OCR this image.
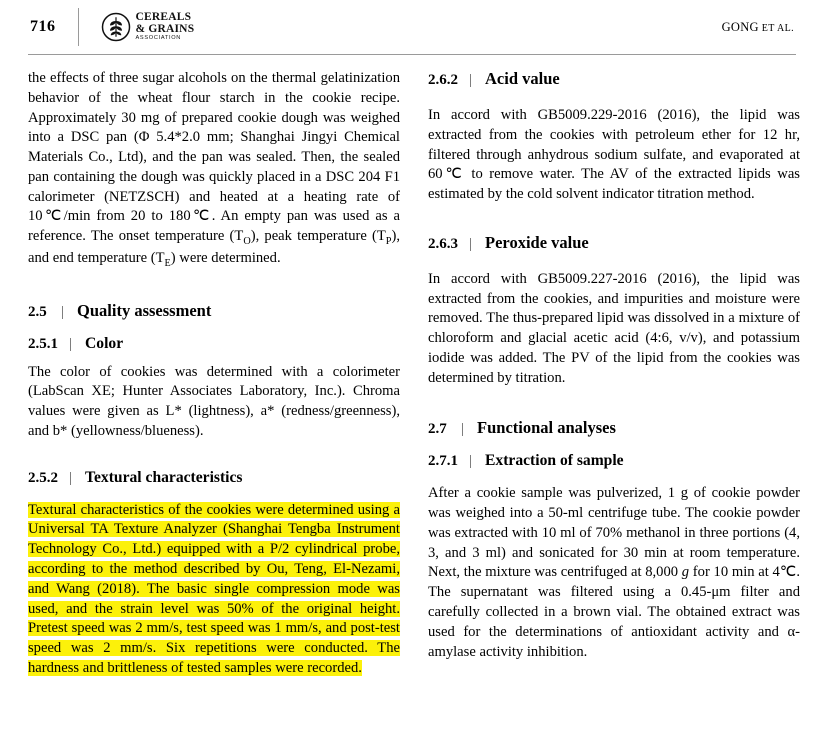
716
CEREALS
& GRAINS
ASSOCIATION
GONG ET AL.

the effects of three sugar alcohols on the thermal gelatinization behavior of the wheat flour starch in the cookie recipe. Approximately 30 mg of prepared cookie dough was weighed into a DSC pan (Φ 5.4*2.0 mm; Shanghai Jingyi Chemical Materials Co., Ltd), and the pan was sealed. Then, the sealed pan containing the dough was quickly placed in a DSC 204 F1 calorimeter (NETZSCH) and heated at a heating rate of 10℃/min from 20 to 180℃. An empty pan was used as a reference. The onset temperature $(T_O)$, peak temperature $(T_P)$, and end temperature $(T_E)$ were determined.

2.5 | Quality assessment
2.5.1 | Color

The color of cookies was determined with a colorimeter (LabScan XE; Hunter Associates Laboratory, Inc.). Chroma values were given as L* (lightness), a* (redness/greenness), and b* (yellowness/blueness).

2.5.2 | Textural characteristics

Textural characteristics of the cookies were determined using a Universal TA Texture Analyzer (Shanghai Tengba Instrument Technology Co., Ltd.) equipped with a P/2 cylindrical probe, according to the method described by Ou, Teng, El-Nezami, and Wang (2018). The basic single compression mode was used, and the strain level was 50% of the original height. Pretest speed was 2 mm/s, test speed was 1 mm/s, and post-test speed was 2 mm/s. Six repetitions were conducted. The hardness and brittleness of tested samples were recorded.

2.6.2 | Acid value

In accord with GB5009.229-2016 (2016), the lipid was extracted from the cookies with petroleum ether for 12 hr, filtered through anhydrous sodium sulfate, and evaporated at 60℃ to remove water. The AV of the extracted lipids was estimated by the cold solvent indicator titration method.

2.6.3 | Peroxide value

In accord with GB5009.227-2016 (2016), the lipid was extracted from the cookies, and impurities and moisture were removed. The thus-prepared lipid was dissolved in a mixture of chloroform and glacial acetic acid (4:6, v/v), and potassium iodide was added. The PV of the lipid from the cookies was determined by titration.

2.7 | Functional analyses
2.7.1 | Extraction of sample

After a cookie sample was pulverized, 1 g of cookie powder was weighed into a 50-ml centrifuge tube. The cookie powder was extracted with 10 ml of 70% methanol in three portions (4, 3, and 3 ml) and sonicated for 30 min at room temperature. Next, the mixture was centrifuged at 8,000 g for 10 min at 4℃. The supernatant was filtered using a 0.45-μm filter and carefully collected in a brown vial. The obtained extract was used for the determinations of antioxidant activity and α-amylase activity inhibition.
